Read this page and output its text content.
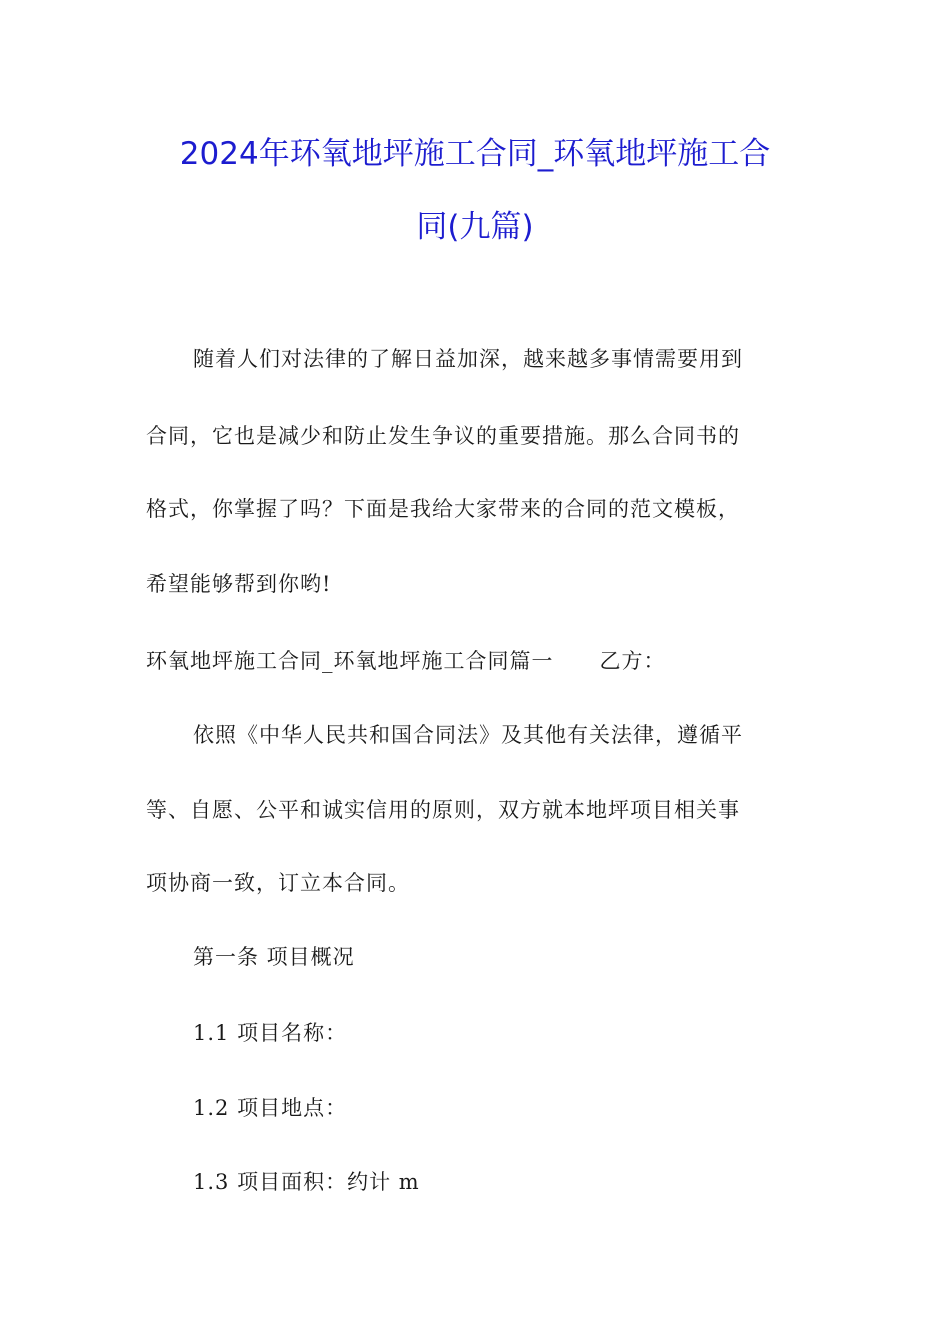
2024年环氧地坪施工合同_环氧地坪施工合
同(九篇)
随着人们对法律的了解日益加深，越来越多事情需要用到
合同，它也是减少和防止发生争议的重要措施。那么合同书的
格式，你掌握了吗？下面是我给大家带来的合同的范文模板，
希望能够帮到你哟!
环氧地坪施工合同_环氧地坪施工合同篇一      乙方：
依照《中华人民共和国合同法》及其他有关法律，遵循平
等、自愿、公平和诚实信用的原则，双方就本地坪项目相关事
项协商一致，订立本合同。
第一条 项目概况
1.1 项目名称：
1.2 项目地点：
1.3 项目面积：约计 m
